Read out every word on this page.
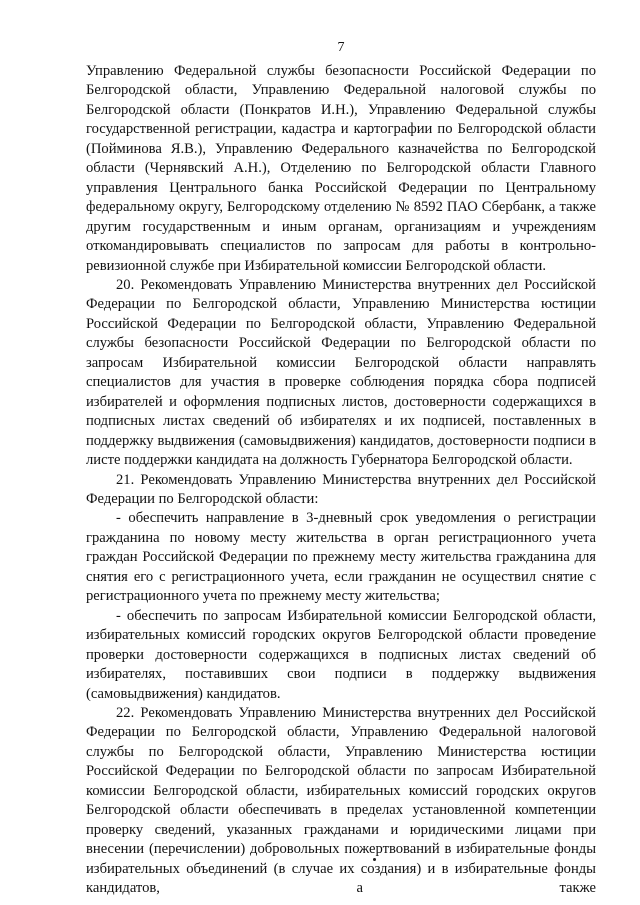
7

Управлению Федеральной службы безопасности Российской Федерации по Белгородской области, Управлению Федеральной налоговой службы по Белгородской области (Понкратов И.Н.), Управлению Федеральной службы государственной регистрации, кадастра и картографии по Белгородской области (Пойминова Я.В.), Управлению Федерального казначейства по Белгородской области (Чернявский А.Н.), Отделению по Белгородской области Главного управления Центрального банка Российской Федерации по Центральному федеральному округу, Белгородскому отделению № 8592 ПАО Сбербанк, а также другим государственным и иным органам, организациям и учреждениям откомандировывать специалистов по запросам для работы в контрольно-ревизионной службе при Избирательной комиссии Белгородской области.

20. Рекомендовать Управлению Министерства внутренних дел Российской Федерации по Белгородской области, Управлению Министерства юстиции Российской Федерации по Белгородской области, Управлению Федеральной службы безопасности Российской Федерации по Белгородской области по запросам Избирательной комиссии Белгородской области направлять специалистов для участия в проверке соблюдения порядка сбора подписей избирателей и оформления подписных листов, достоверности содержащихся в подписных листах сведений об избирателях и их подписей, поставленных в поддержку выдвижения (самовыдвижения) кандидатов, достоверности подписи в листе поддержки кандидата на должность Губернатора Белгородской области.

21. Рекомендовать Управлению Министерства внутренних дел Российской Федерации по Белгородской области:

- обеспечить направление в 3-дневный срок уведомления о регистрации гражданина по новому месту жительства в орган регистрационного учета граждан Российской Федерации по прежнему месту жительства гражданина для снятия его с регистрационного учета, если гражданин не осуществил снятие с регистрационного учета по прежнему месту жительства;

- обеспечить по запросам Избирательной комиссии Белгородской области, избирательных комиссий городских округов Белгородской области проведение проверки достоверности содержащихся в подписных листах сведений об избирателях, поставивших свои подписи в поддержку выдвижения (самовыдвижения) кандидатов.

22. Рекомендовать Управлению Министерства внутренних дел Российской Федерации по Белгородской области, Управлению Федеральной налоговой службы по Белгородской области, Управлению Министерства юстиции Российской Федерации по Белгородской области по запросам Избирательной комиссии Белгородской области, избирательных комиссий городских округов Белгородской области обеспечивать в пределах установленной компетенции проверку сведений, указанных гражданами и юридическими лицами при внесении (перечислении) добровольных пожертвований в избирательные фонды избирательных объединений (в случае их создания) и в избирательные фонды кандидатов, а также
